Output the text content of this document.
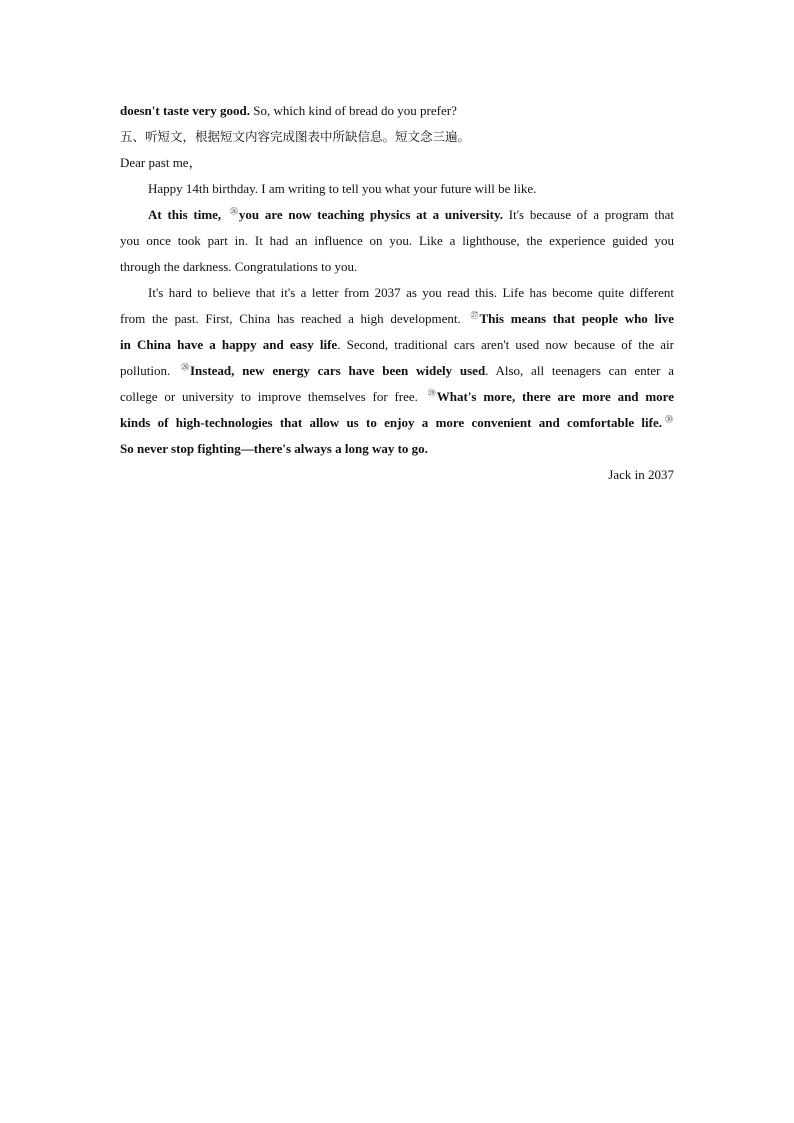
doesn't taste very good. So, which kind of bread do you prefer?
五、听短文，根据短文内容完成图表中所缺信息。短文念三遍。
Dear past me，
Happy 14th birthday. I am writing to tell you what your future will be like.
At this time, ㉖you are now teaching physics at a university. It's because of a program that
you once took part in. It had an influence on you. Like a lighthouse, the experience guided you
through the darkness. Congratulations to you.
It's hard to believe that it's a letter from 2037 as you read this. Life has become quite different
from the past. First, China has reached a high development. ㉗This means that people who live
in China have a happy and easy life. Second, traditional cars aren't used now because of the air
pollution. ㉘Instead, new energy cars have been widely used. Also, all teenagers can enter a
college or university to improve themselves for free. ㉙What's more, there are more and more
kinds of high-technologies that allow us to enjoy a more convenient and comfortable life. ㉚
So never stop fighting—there's always a long way to go.
Jack in 2037
